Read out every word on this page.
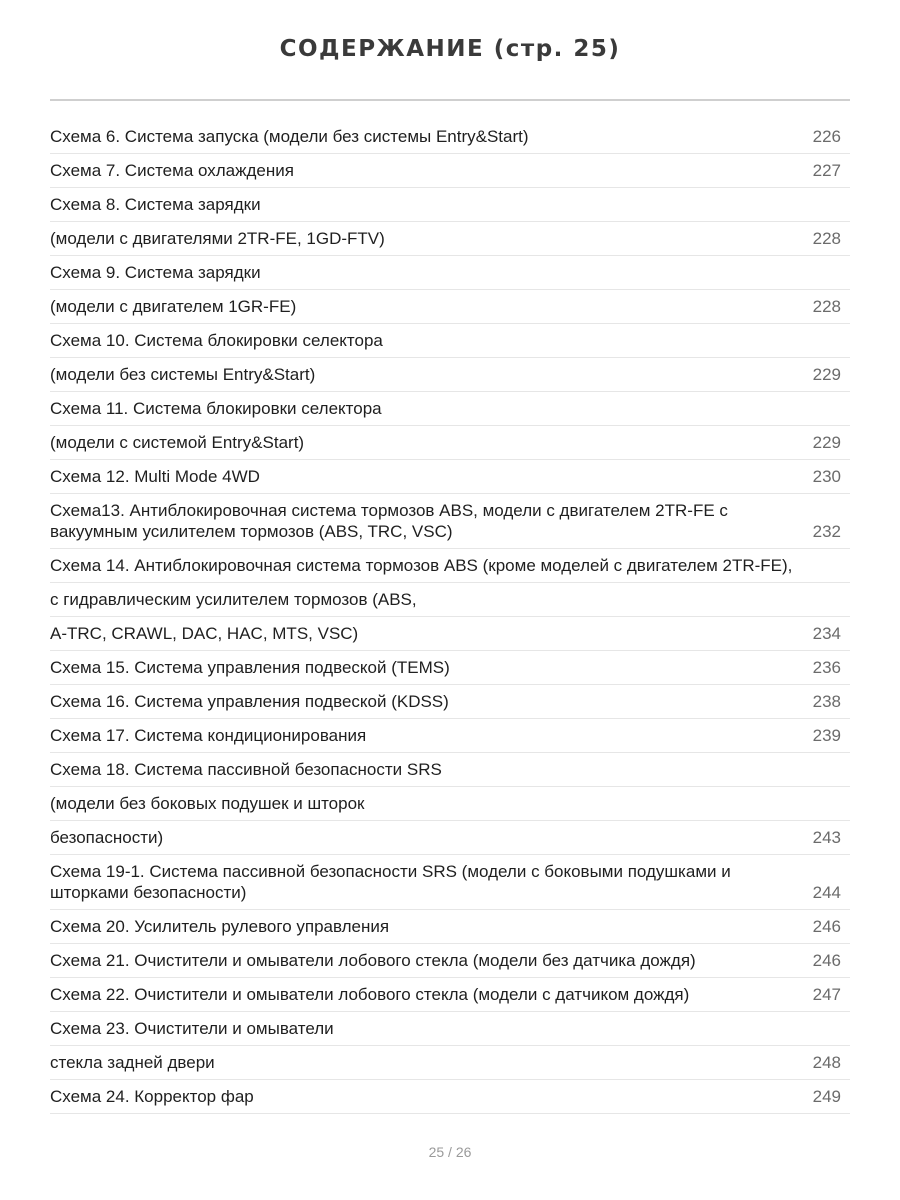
СОДЕРЖАНИЕ (стр. 25)
Схема 6. Система запуска (модели без системы Entry&Start)	226
Схема 7. Система охлаждения	227
Схема 8. Система зарядки
(модели с двигателями 2TR-FE, 1GD-FTV)	228
Схема 9. Система зарядки
(модели с двигателем 1GR-FE)	228
Схема 10. Система блокировки селектора
(модели без системы Entry&Start)	229
Схема 11. Система блокировки селектора
(модели с системой Entry&Start)	229
Схема 12. Multi Mode 4WD	230
Схема13. Антиблокировочная система тормозов ABS, модели с двигателем 2TR-FE с вакуумным усилителем тормозов (ABS, TRC, VSC)	232
Схема 14. Антиблокировочная система тормозов ABS (кроме моделей с двигателем 2TR-FE),
с гидравлическим усилителем тормозов (ABS,
A-TRC, CRAWL, DAC, HAC, MTS, VSC)	234
Схема 15. Система управления подвеской (TEMS)	236
Схема 16. Система управления подвеской (KDSS)	238
Схема 17. Система кондиционирования	239
Схема 18. Система пассивной безопасности SRS
(модели без боковых подушек и шторок
безопасности)	243
Схема 19-1. Система пассивной безопасности SRS (модели с боковыми подушками и шторками безопасности)	244
Схема 20. Усилитель рулевого управления	246
Схема 21. Очистители и омыватели лобового стекла (модели без датчика дождя)	246
Схема 22. Очистители и омыватели лобового стекла (модели с датчиком дождя)	247
Схема 23. Очистители и омыватели
стекла задней двери	248
Схема 24. Корректор фар	249
25 / 26
